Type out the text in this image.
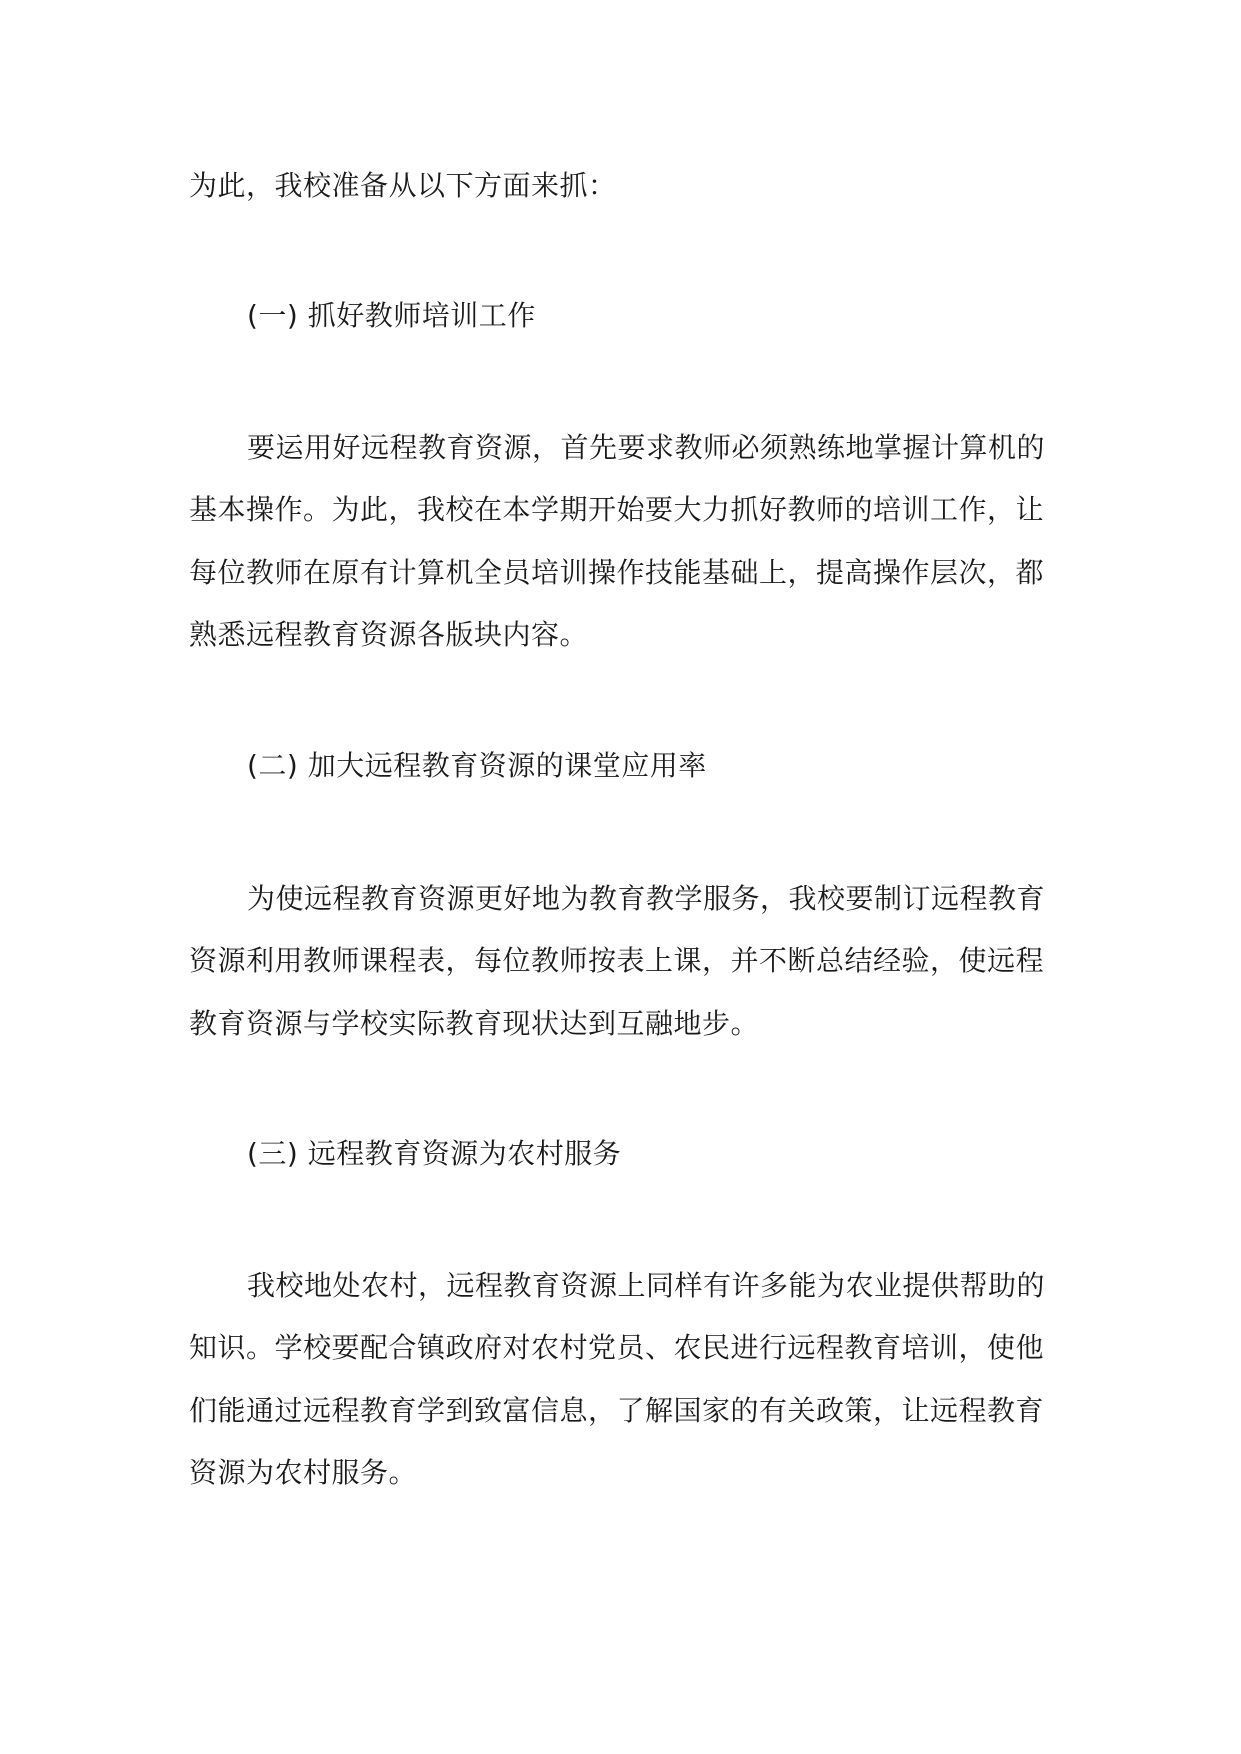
为此，我校准备从以下方面来抓：
(一) 抓好教师培训工作
要运用好远程教育资源，首先要求教师必须熟练地掌握计算机的
基本操作。为此，我校在本学期开始要大力抓好教师的培训工作，让
每位教师在原有计算机全员培训操作技能基础上，提高操作层次，都
熟悉远程教育资源各版块内容。
(二) 加大远程教育资源的课堂应用率
为使远程教育资源更好地为教育教学服务，我校要制订远程教育
资源利用教师课程表，每位教师按表上课，并不断总结经验，使远程
教育资源与学校实际教育现状达到互融地步。
(三) 远程教育资源为农村服务
我校地处农村，远程教育资源上同样有许多能为农业提供帮助的
知识。学校要配合镇政府对农村党员、农民进行远程教育培训，使他
们能通过远程教育学到致富信息，了解国家的有关政策，让远程教育
资源为农村服务。
